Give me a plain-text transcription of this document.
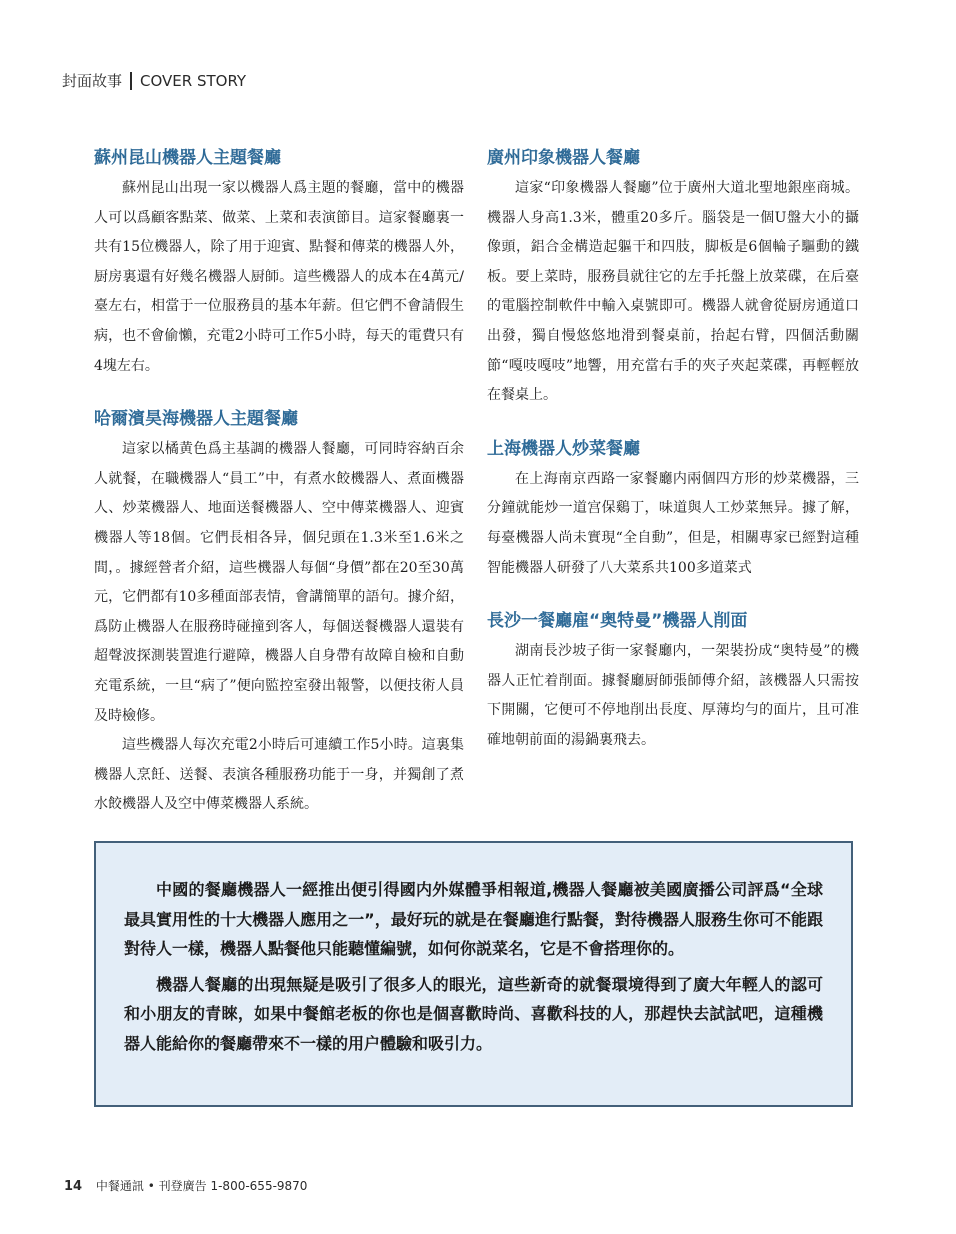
封面故事 COVER STORY
蘇州昆山機器人主題餐廳

蘇州昆山出現一家以機器人爲主題的餐廳，當中的機器人可以爲顧客點菜、做菜、上菜和表演節目。這家餐廳裏一共有15位機器人，除了用于迎賓、點餐和傳菜的機器人外，厨房裏還有好幾名機器人厨師。這些機器人的成本在4萬元/臺左右，相當于一位服務員的基本年薪。但它們不會請假生病，也不會偷懶，充電2小時可工作5小時，每天的電費只有4塊左右。

哈爾濱昊海機器人主題餐廳

這家以橘黄色爲主基調的機器人餐廳，可同時容納百余人就餐，在職機器人“員工”中，有煮水餃機器人、煮面機器人、炒菜機器人、地面送餐機器人、空中傳菜機器人、迎賓機器人等18個。它們長相各异，個兒頭在1.3米至1.6米之間，。據經營者介紹，這些機器人每個“身價”都在20至30萬元，它們都有10多種面部表情，會講簡單的語句。據介紹，爲防止機器人在服務時碰撞到客人，每個送餐機器人還裝有超聲波探測裝置進行避障，機器人自身帶有故障自檢和自動充電系統，一旦“病了”便向監控室發出報警，以便技術人員及時檢修。

這些機器人每次充電2小時后可連續工作5小時。這裏集機器人烹飪、送餐、表演各種服務功能于一身，并獨創了煮水餃機器人及空中傳菜機器人系統。

廣州印象機器人餐廳

這家“印象機器人餐廳”位于廣州大道北聖地銀座商城。機器人身高1.3米，體重20多斤。腦袋是一個U盤大小的攝像頭，鋁合金構造起軀干和四肢，脚板是6個輪子驅動的鐵板。要上菜時，服務員就往它的左手托盤上放菜碟，在后臺的電腦控制軟件中輸入桌號即可。機器人就會從厨房通道口出發，獨自慢悠悠地滑到餐桌前，抬起右臂，四個活動關節“嘎吱嘎吱”地響，用充當右手的夾子夾起菜碟，再輕輕放在餐桌上。

上海機器人炒菜餐廳

在上海南京西路一家餐廳内兩個四方形的炒菜機器，三分鐘就能炒一道宫保鷄丁，味道與人工炒菜無异。據了解，每臺機器人尚未實現“全自動”，但是，相關專家已經對這種智能機器人研發了八大菜系共100多道菜式

長沙一餐廳雇“奥特曼”機器人削面

湖南長沙坡子街一家餐廳内，一架裝扮成“奥特曼”的機器人正忙着削面。據餐廳厨師張師傅介紹，該機器人只需按下開關，它便可不停地削出長度、厚薄均勻的面片，且可准確地朝前面的湯鍋裏飛去。

中國的餐廳機器人一經推出便引得國内外媒體爭相報道,機器人餐廳被美國廣播公司評爲“全球最具實用性的十大機器人應用之一”，最好玩的就是在餐廳進行點餐，對待機器人服務生你可不能跟對待人一樣，機器人點餐他只能聽懂編號，如何你説菜名，它是不會搭理你的。

機器人餐廳的出現無疑是吸引了很多人的眼光，這些新奇的就餐環境得到了廣大年輕人的認可和小朋友的青睞，如果中餐館老板的你也是個喜歡時尚、喜歡科技的人，那趕快去試試吧，這種機器人能給你的餐廳帶來不一樣的用户體驗和吸引力。

14 中餐通訊 • 刊登廣告 1-800-655-9870
